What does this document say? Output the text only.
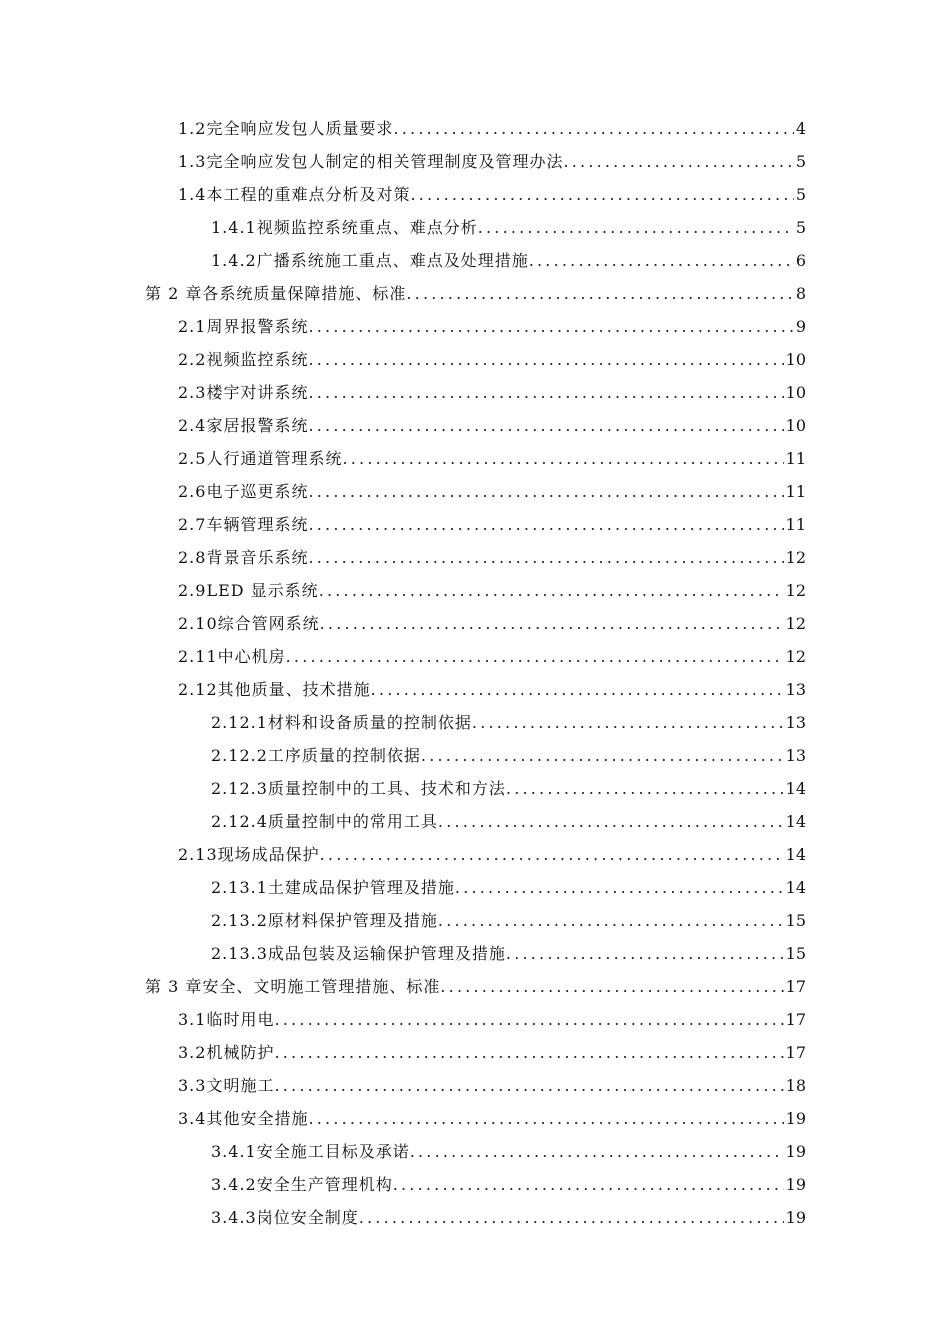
1.2 完全响应发包人质量要求 .....	4
1.3 完全响应发包人制定的相关管理制度及管理办法 .....	5
1.4 本工程的重难点分析及对策 .....	5
1.4.1 视频监控系统重点、难点分析 .....	5
1.4.2 广播系统施工重点、难点及处理措施 .....	6
第 2 章 各系统质量保障措施、标准 .....	8
2.1 周界报警系统 .....	9
2.2 视频监控系统 .....	10
2.3 楼宇对讲系统 .....	10
2.4 家居报警系统 .....	10
2.5 人行通道管理系统 .....	11
2.6 电子巡更系统 .....	11
2.7 车辆管理系统 .....	11
2.8 背景音乐系统 .....	12
2.9 LED 显示系统 .....	12
2.10 综合管网系统 .....	12
2.11 中心机房 .....	12
2.12 其他质量、技术措施 .....	13
2.12.1 材料和设备质量的控制依据 .....	13
2.12.2 工序质量的控制依据 .....	13
2.12.3 质量控制中的工具、技术和方法 .....	14
2.12.4 质量控制中的常用工具 .....	14
2.13 现场成品保护 .....	14
2.13.1 土建成品保护管理及措施 .....	14
2.13.2 原材料保护管理及措施 .....	15
2.13.3 成品包装及运输保护管理及措施 .....	15
第 3 章 安全、文明施工管理措施、标准 .....	17
3.1 临时用电 .....	17
3.2 机械防护 .....	17
3.3 文明施工 .....	18
3.4 其他安全措施 .....	19
3.4.1 安全施工目标及承诺 .....	19
3.4.2 安全生产管理机构 .....	19
3.4.3 岗位安全制度 .....	19
